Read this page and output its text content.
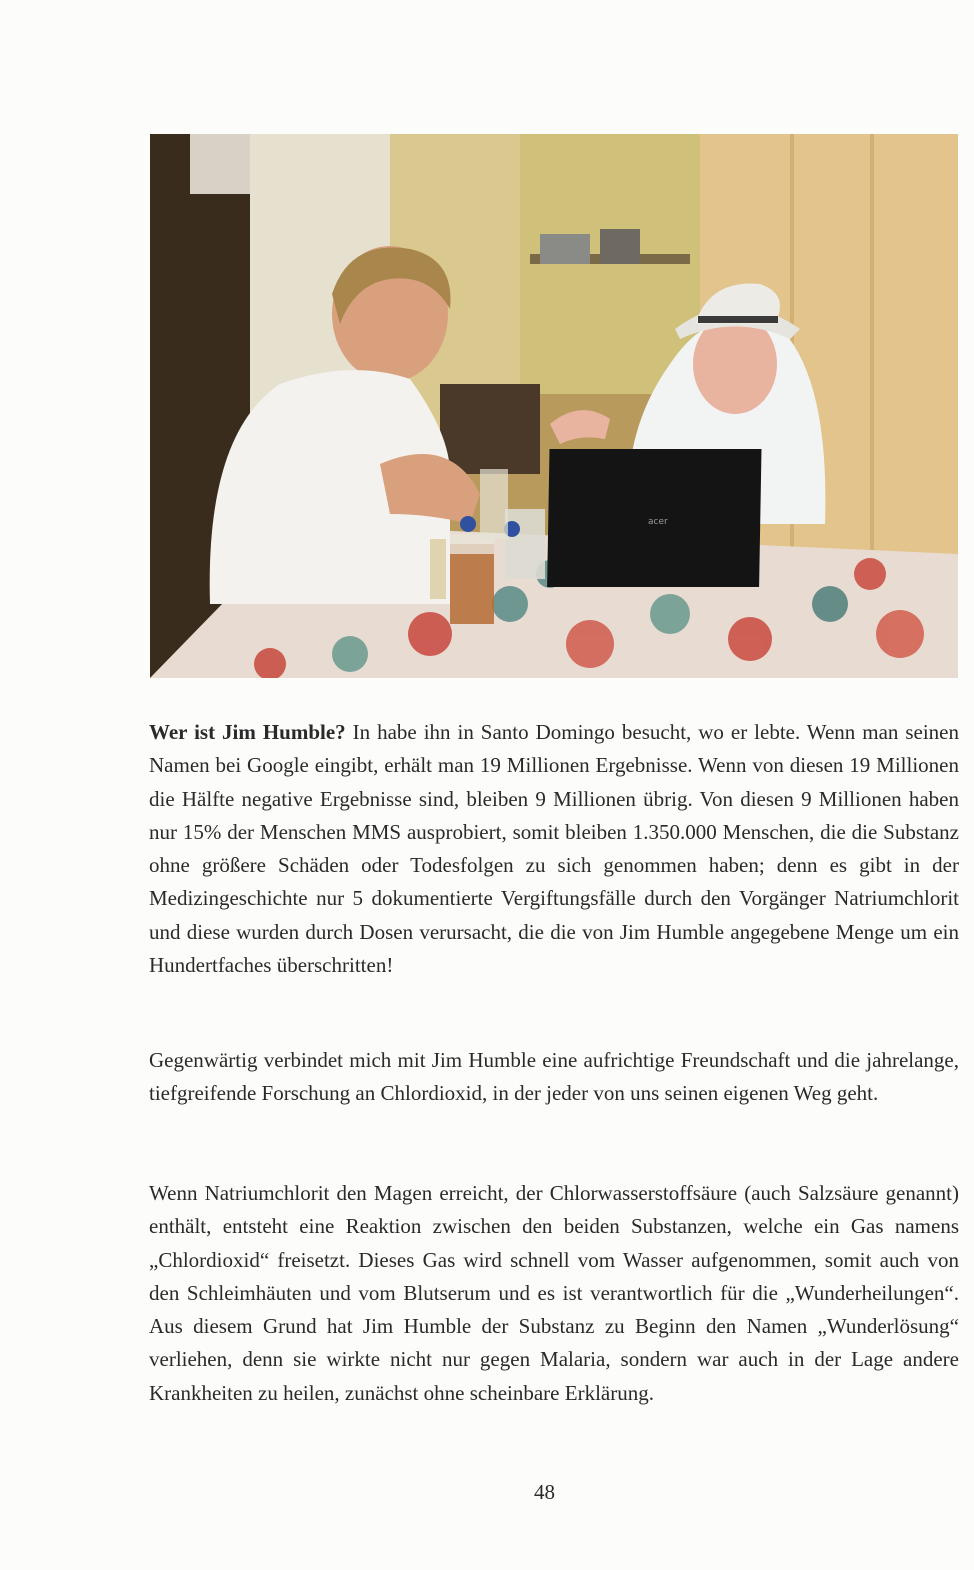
acer

Wer ist Jim Humble? In habe ihn in Santo Domingo besucht, wo er lebte. Wenn man seinen Namen bei Google eingibt, erhält man 19 Millionen Ergebnisse. Wenn von diesen 19 Millionen die Hälfte negative Ergebnisse sind, bleiben 9 Millionen übrig. Von diesen 9 Millionen haben nur 15% der Menschen MMS ausprobiert, somit bleiben 1.350.000 Menschen, die die Substanz ohne größere Schäden oder Todesfolgen zu sich genommen haben; denn es gibt in der Medizingeschichte nur 5 dokumentierte Vergiftungsfälle durch den Vorgänger Natriumchlorit und diese wurden durch Dosen verursacht, die die von Jim Humble angegebene Menge um ein Hundertfaches überschritten!

Gegenwärtig verbindet mich mit Jim Humble eine aufrichtige Freundschaft und die jahrelange, tiefgreifende Forschung an Chlordioxid, in der jeder von uns seinen eigenen Weg geht.

Wenn Natriumchlorit den Magen erreicht, der Chlorwasserstoffsäure (auch Salzsäure genannt) enthält, entsteht eine Reaktion zwischen den beiden Substanzen, welche ein Gas namens „Chlordioxid“ freisetzt. Dieses Gas wird schnell vom Wasser aufgenommen, somit auch von den Schleimhäuten und vom Blutserum und es ist verantwortlich für die „Wunderheilungen“. Aus diesem Grund hat Jim Humble der Substanz zu Beginn den Namen „Wunderlösung“ verliehen, denn sie wirkte nicht nur gegen Malaria, sondern war auch in der Lage andere Krankheiten zu heilen, zunächst ohne scheinbare Erklärung.

48
